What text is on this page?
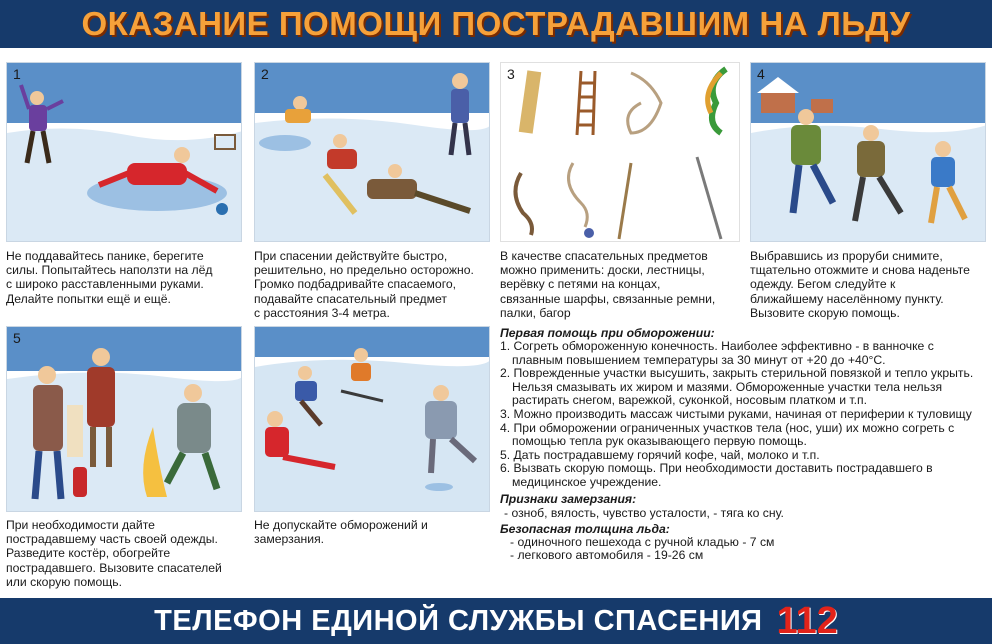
ОКАЗАНИЕ ПОМОЩИ ПОСТРАДАВШИМ НА ЛЬДУ
1
Не поддавайтесь панике, берегите
силы. Попытайтесь наползти на лёд
с широко расставленными руками.
Делайте попытки ещё и ещё.
2
При спасении действуйте быстро,
решительно, но предельно осторожно.
Громко подбадривайте спасаемого,
подавайте спасательный предмет
с расстояния 3-4 метра.
3
В качестве спасательных предметов
можно применить: доски, лестницы,
верёвку с петями на концах,
связанные шарфы, связанные ремни,
палки, багор
4
Выбравшись из проруби снимите,
тщательно отожмите и снова наденьте
одежду. Бегом следуйте к
ближайшему населённому пункту.
Вызовите скорую помощь.
5
При необходимости дайте
пострадавшему часть своей одежды.
Разведите костёр, обогрейте
пострадавшего. Вызовите спасателей
или скорую помощь.
Не допускайте обморожений и
замерзания.
Первая помощь при обморожении:
1. Согреть обмороженную конечность. Наиболее эффективно - в ванночке с плавным повышением температуры за 30 минут от +20 до +40°С.
2. Поврежденные участки высушить, закрыть стерильной повязкой и тепло укрыть. Нельзя смазывать их жиром и мазями. Обмороженные участки тела нельзя растирать снегом, варежкой, суконкой, носовым платком и т.п.
3. Можно производить массаж чистыми руками, начиная от периферии к туловищу
4. При обморожении ограниченных участков тела (нос, уши) их можно согреть с помощью тепла рук оказывающего первую помощь.
5. Дать пострадавшему горячий кофе, чай, молоко и т.п.
6. Вызвать скорую помощь. При необходимости доставить пострадавшего в медицинское учреждение.
Признаки замерзания:
- озноб, вялость, чувство усталости, - тяга ко сну.
Безопасная толщина льда:
- одиночного пешехода с ручной кладью - 7 см
- легкового автомобиля - 19-26 см
ТЕЛЕФОН ЕДИНОЙ СЛУЖБЫ СПАСЕНИЯ 112
